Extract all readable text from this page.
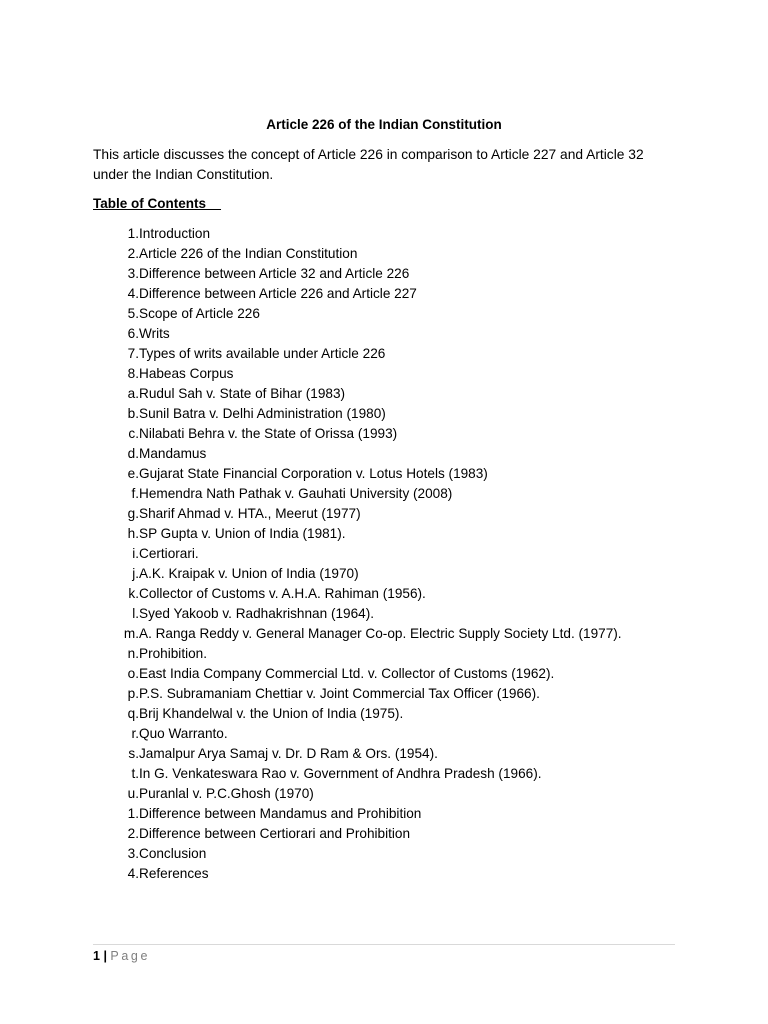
Article 226 of the Indian Constitution
This article discusses the concept of Article 226 in comparison to Article 227 and Article 32 under the Indian Constitution.
Table of Contents
1.Introduction
2.Article 226 of the Indian Constitution
3.Difference between Article 32 and Article 226
4.Difference between Article 226 and Article 227
5.Scope of Article 226
6.Writs
7.Types of writs available under Article 226
8.Habeas Corpus
a.Rudul Sah v. State of Bihar (1983)
b.Sunil Batra v. Delhi Administration (1980)
c.Nilabati Behra v. the State of Orissa (1993)
d.Mandamus
e.Gujarat State Financial Corporation v. Lotus Hotels (1983)
f.Hemendra Nath Pathak v. Gauhati University (2008)
g.Sharif Ahmad v. HTA., Meerut (1977)
h.SP Gupta v. Union of India (1981).
i.Certiorari.
j.A.K. Kraipak v. Union of India (1970)
k.Collector of Customs v. A.H.A. Rahiman (1956).
l.Syed Yakoob v. Radhakrishnan (1964).
m.A. Ranga Reddy v. General Manager Co-op. Electric Supply Society Ltd. (1977).
n.Prohibition.
o.East India Company Commercial Ltd. v. Collector of Customs (1962).
p.P.S. Subramaniam Chettiar v. Joint Commercial Tax Officer (1966).
q.Brij Khandelwal v. the Union of India (1975).
r.Quo Warranto.
s.Jamalpur Arya Samaj v. Dr. D Ram & Ors. (1954).
t.In G. Venkateswara Rao v. Government of Andhra Pradesh (1966).
u.Puranlal v. P.C.Ghosh (1970)
1.Difference between Mandamus and Prohibition
2.Difference between Certiorari and Prohibition
3.Conclusion
4.References
1 | Page
